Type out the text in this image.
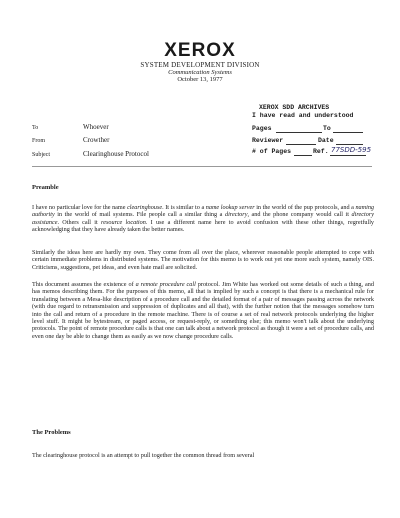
XEROX
SYSTEM DEVELOPMENT DIVISION
Communication Systems
October 13, 1977
To	Whoever
From	Crowther
Subject	Clearinghouse Protocol
XEROX SDD ARCHIVES
I have read and understood
Pages	To
Reviewer	Date
# of Pages	Ref. 77SDD-595
Preamble

I have no particular love for the name clearinghouse. It is similar to a name lookup server in the world of the pup protocols, and a naming authority in the world of mail systems. File people call a similar thing a directory, and the phone company would call it directory assistance. Others call it resource location. I use a different name here to avoid confusion with these other things, regretfully acknowledging that they have already taken the better names.

Similarly the ideas here are hardly my own. They come from all over the place, wherever reasonable people attempted to cope with certain immediate problems in distributed systems. The motivation for this memo is to work out yet one more such system, namely OIS. Criticisms, suggestions, pet ideas, and even hate mail are solicited.

This document assumes the existence of a remote procedure call protocol. Jim White has worked out some details of such a thing, and has memos describing them. For the purposes of this memo, all that is implied by such a concept is that there is a mechanical rule for translating between a Mesa-like description of a procedure call and the detailed format of a pair of messages passing across the network (with due regard to retransmission and suppression of duplicates and all that), with the further notion that the messages somehow turn into the call and return of a procedure in the remote machine. There is of course a set of real network protocols underlying the higher level stuff. It might be bytestream, or paged access, or request-reply, or something else; this memo won't talk about the underlying protocols. The point of remote procedure calls is that one can talk about a network protocol as though it were a set of procedure calls, and even one day be able to change them as easily as we now change procedure calls.

The Problems

The clearinghouse protocol is an attempt to pull together the common thread from several
